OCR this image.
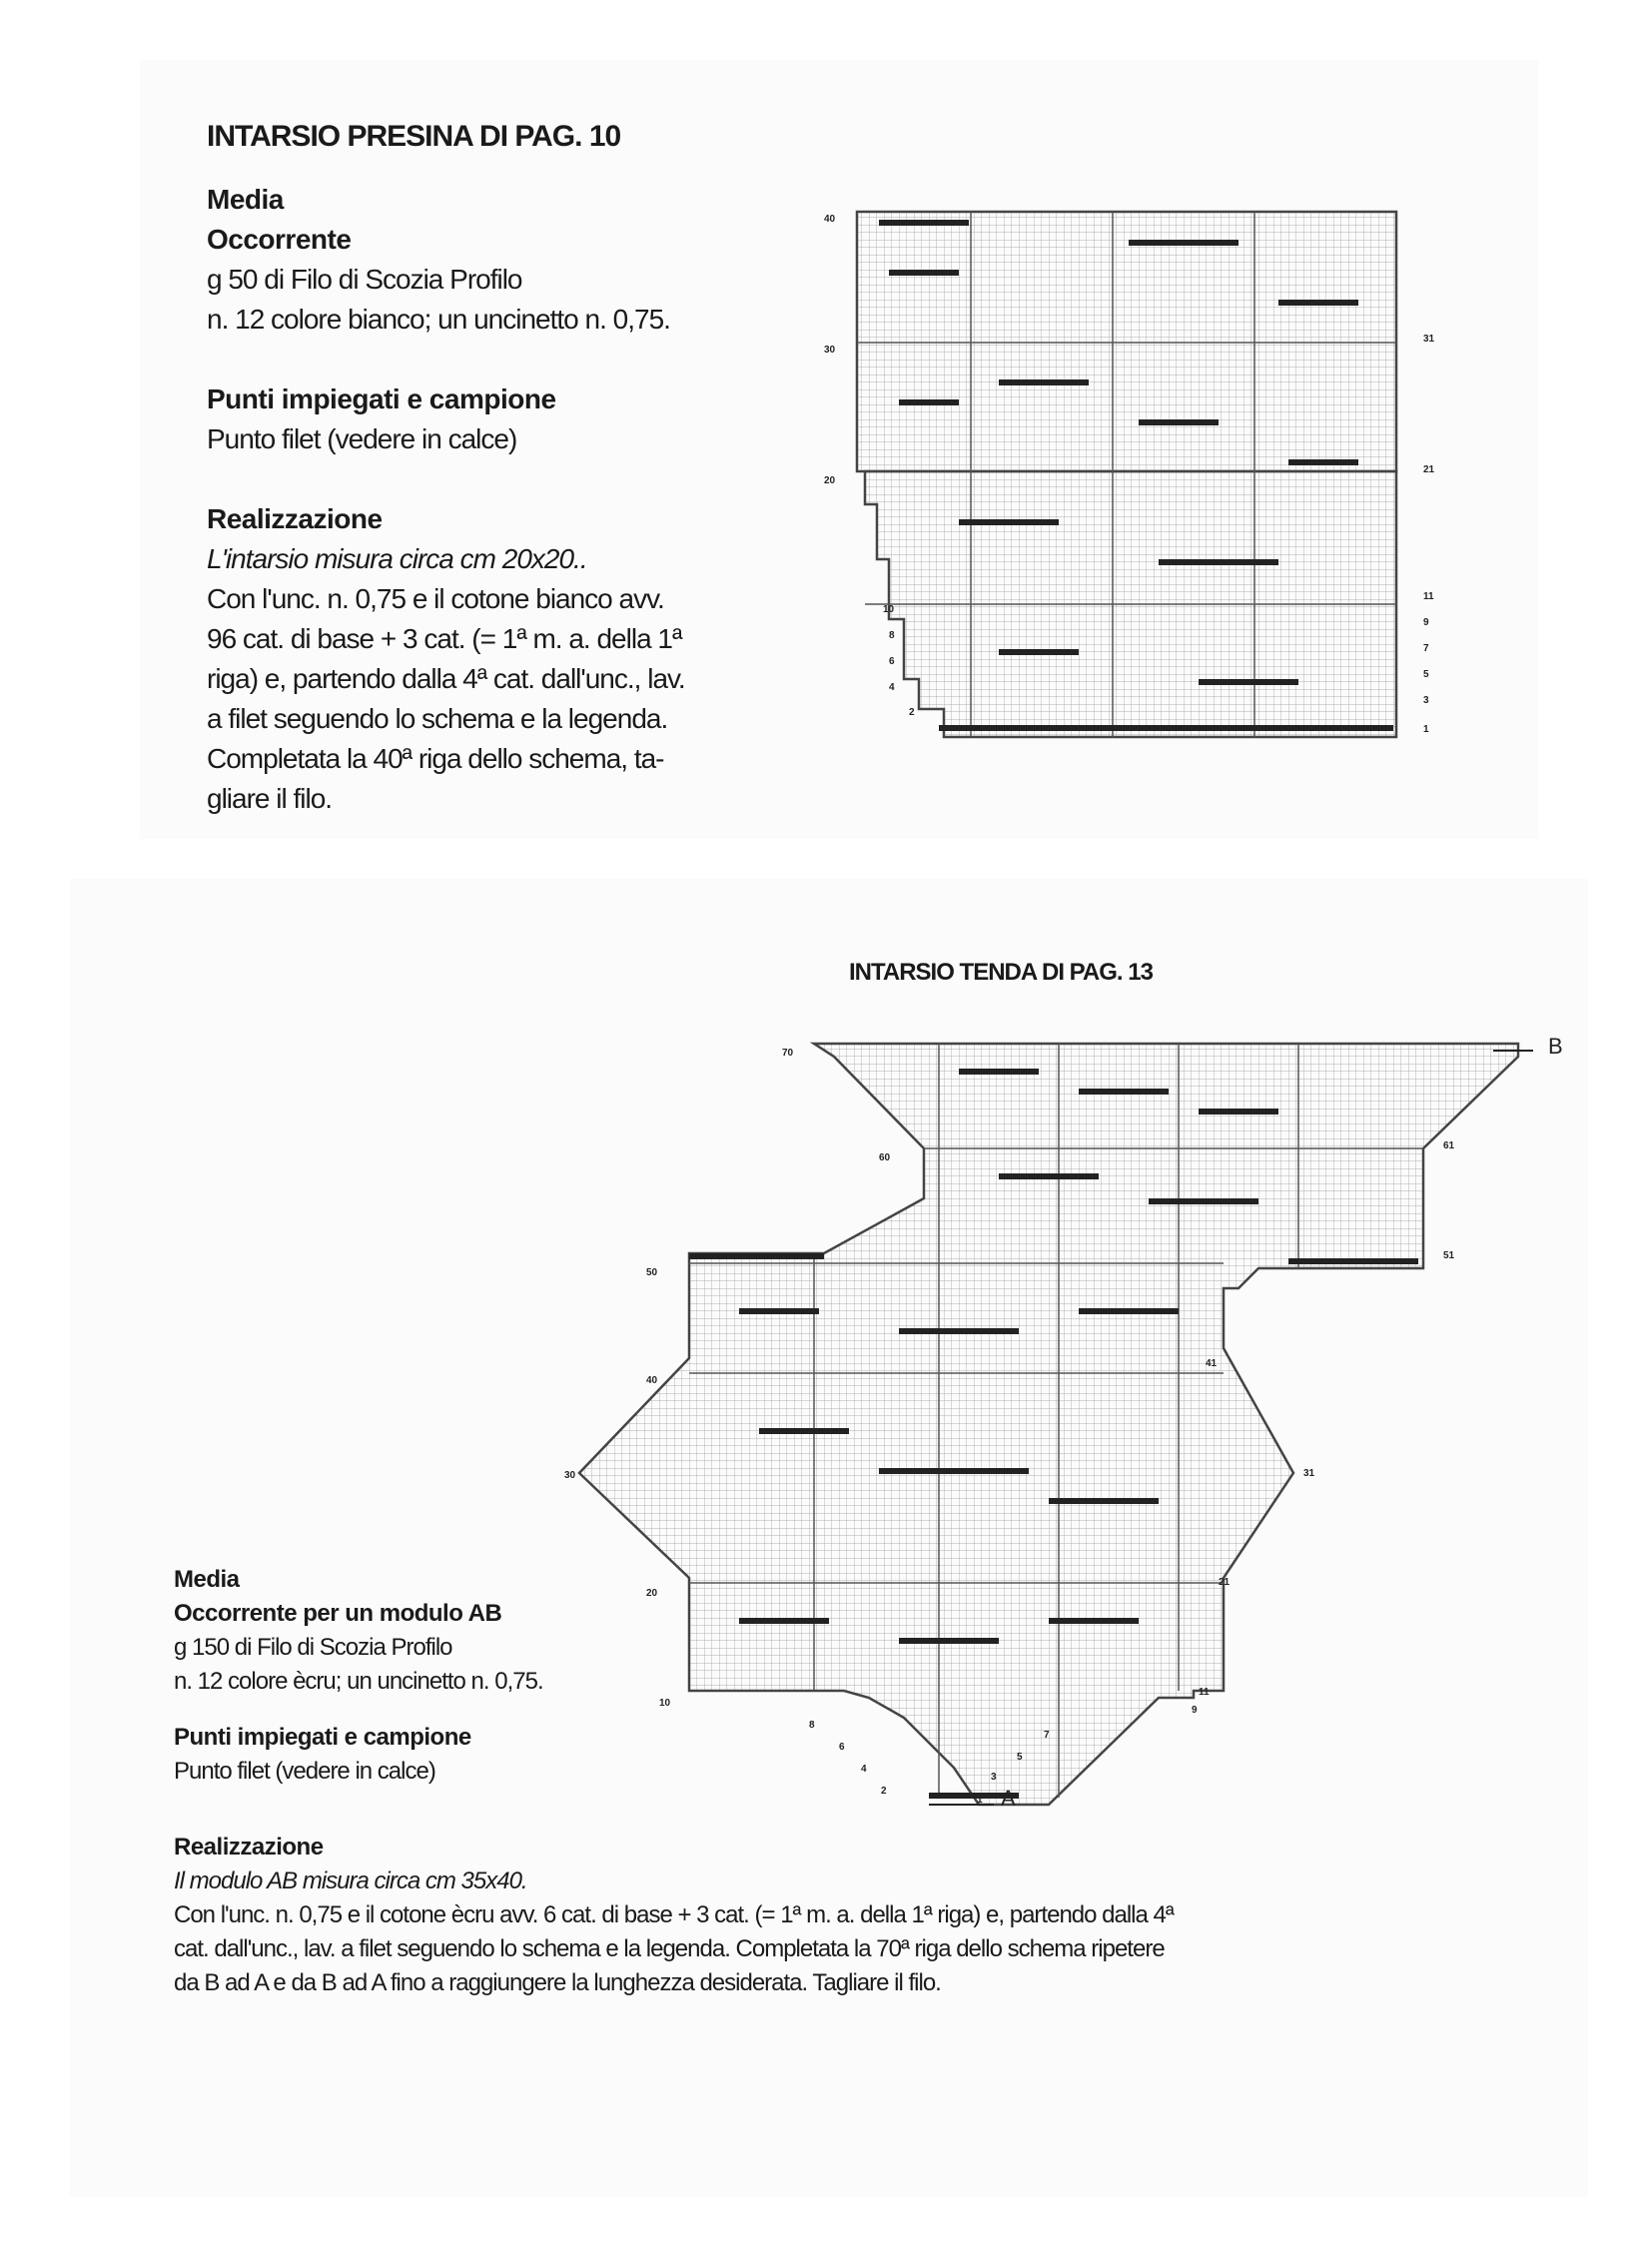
INTARSIO PRESINA DI PAG. 10
Media
Occorrente
g 50 di Filo di Scozia Profilo
n. 12 colore bianco; un uncinetto n. 0,75.
Punti impiegati e campione
Punto filet (vedere in calce)
Realizzazione
L'intarsio misura circa cm 20x20..
Con l'unc. n. 0,75 e il cotone bianco avv.
96 cat. di base + 3 cat. (= 1ª m. a. della 1ª
riga) e, partendo dalla 4ª cat. dall'unc., lav.
a filet seguendo lo schema e la legenda.
Completata la 40ª riga dello schema, ta-
gliare il filo.
INTARSIO TENDA DI PAG. 13
Media
Occorrente per un modulo AB
g 150 di Filo di Scozia Profilo
n. 12 colore ècru; un uncinetto n. 0,75.
Punti impiegati e campione
Punto filet (vedere in calce)
Realizzazione
Il modulo AB misura circa cm 35x40.
Con l'unc. n. 0,75 e il cotone ècru avv. 6 cat. di base + 3 cat. (= 1ª m. a. della 1ª riga) e, partendo dalla 4ª
cat. dall'unc., lav. a filet seguendo lo schema e la legenda. Completata la 70ª riga dello schema ripetere
da B ad A e da B ad A fino a raggiungere la lunghezza desiderata. Tagliare il filo.
40
30
20
10
8
6
4
2
31
21
11
9
7
5
3
1
70
60
50
40
30
20
10
8
6
4
2
61
51
41
31
21
11
9
7
5
3
1
B
A
